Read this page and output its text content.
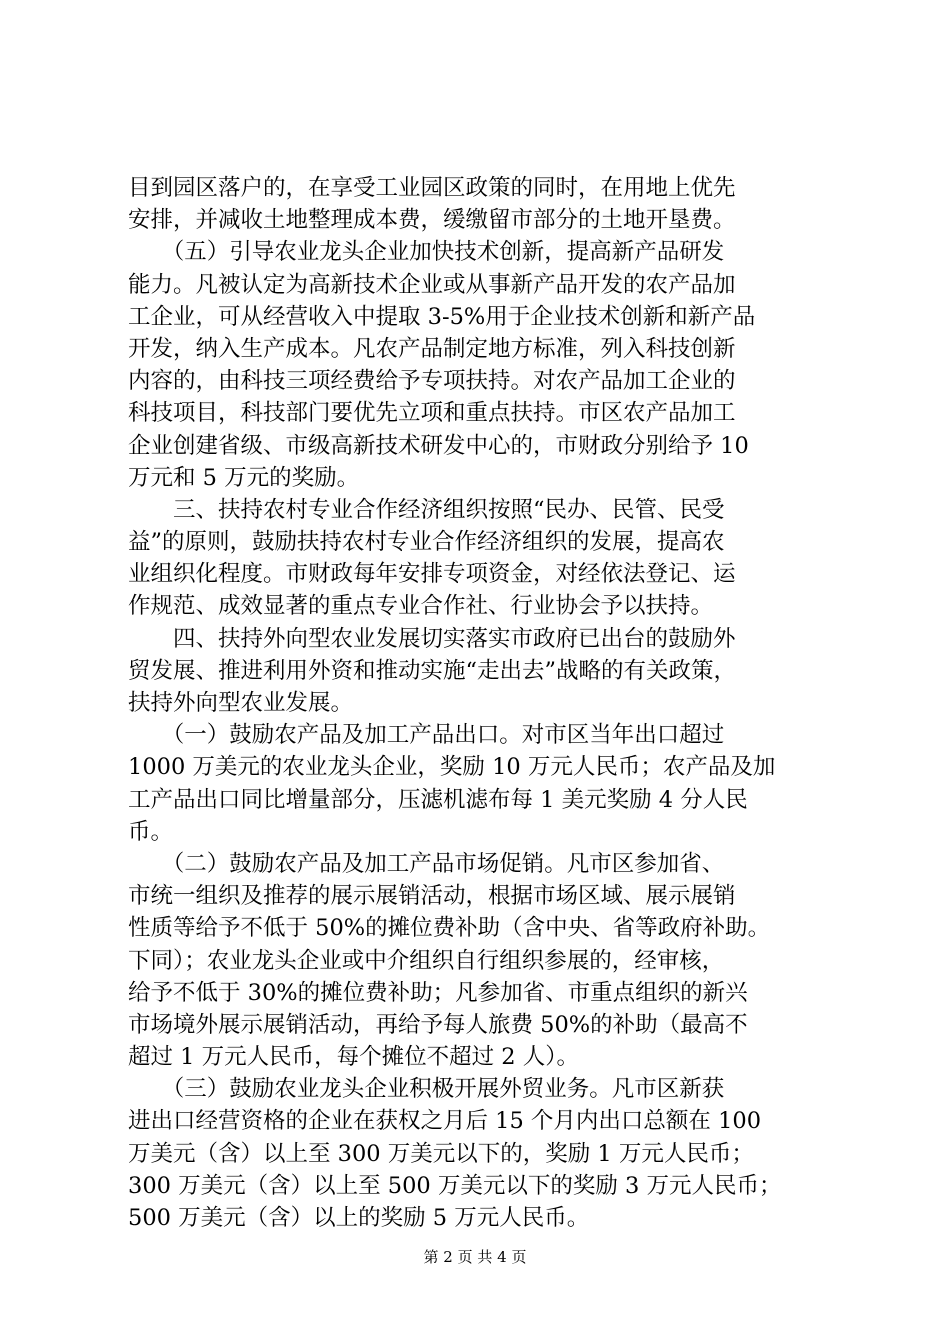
目到园区落户的，在享受工业园区政策的同时，在用地上优先
安排，并减收土地整理成本费，缓缴留市部分的土地开垦费。
　　（五）引导农业龙头企业加快技术创新，提高新产品研发
能力。凡被认定为高新技术企业或从事新产品开发的农产品加
工企业，可从经营收入中提取 3-5%用于企业技术创新和新产品
开发，纳入生产成本。凡农产品制定地方标准，列入科技创新
内容的，由科技三项经费给予专项扶持。对农产品加工企业的
科技项目，科技部门要优先立项和重点扶持。市区农产品加工
企业创建省级、市级高新技术研发中心的，市财政分别给予 10
万元和 5 万元的奖励。
　　三、扶持农村专业合作经济组织按照“民办、民管、民受
益”的原则，鼓励扶持农村专业合作经济组织的发展，提高农
业组织化程度。市财政每年安排专项资金，对经依法登记、运
作规范、成效显著的重点专业合作社、行业协会予以扶持。
　　四、扶持外向型农业发展切实落实市政府已出台的鼓励外
贸发展、推进利用外资和推动实施“走出去”战略的有关政策，
扶持外向型农业发展。
　　（一）鼓励农产品及加工产品出口。对市区当年出口超过
1000 万美元的农业龙头企业，奖励 10 万元人民币；农产品及加
工产品出口同比增量部分，压滤机滤布每 1 美元奖励 4 分人民
币。
　　（二）鼓励农产品及加工产品市场促销。凡市区参加省、
市统一组织及推荐的展示展销活动，根据市场区域、展示展销
性质等给予不低于 50%的摊位费补助（含中央、省等政府补助。
下同）；农业龙头企业或中介组织自行组织参展的，经审核，
给予不低于 30%的摊位费补助；凡参加省、市重点组织的新兴
市场境外展示展销活动，再给予每人旅费 50%的补助（最高不
超过 1 万元人民币，每个摊位不超过 2 人）。
　　（三）鼓励农业龙头企业积极开展外贸业务。凡市区新获
进出口经营资格的企业在获权之月后 15 个月内出口总额在 100
万美元（含）以上至 300 万美元以下的，奖励 1 万元人民币；
300 万美元（含）以上至 500 万美元以下的奖励 3 万元人民币；
500 万美元（含）以上的奖励 5 万元人民币。
第 2 页 共 4 页
